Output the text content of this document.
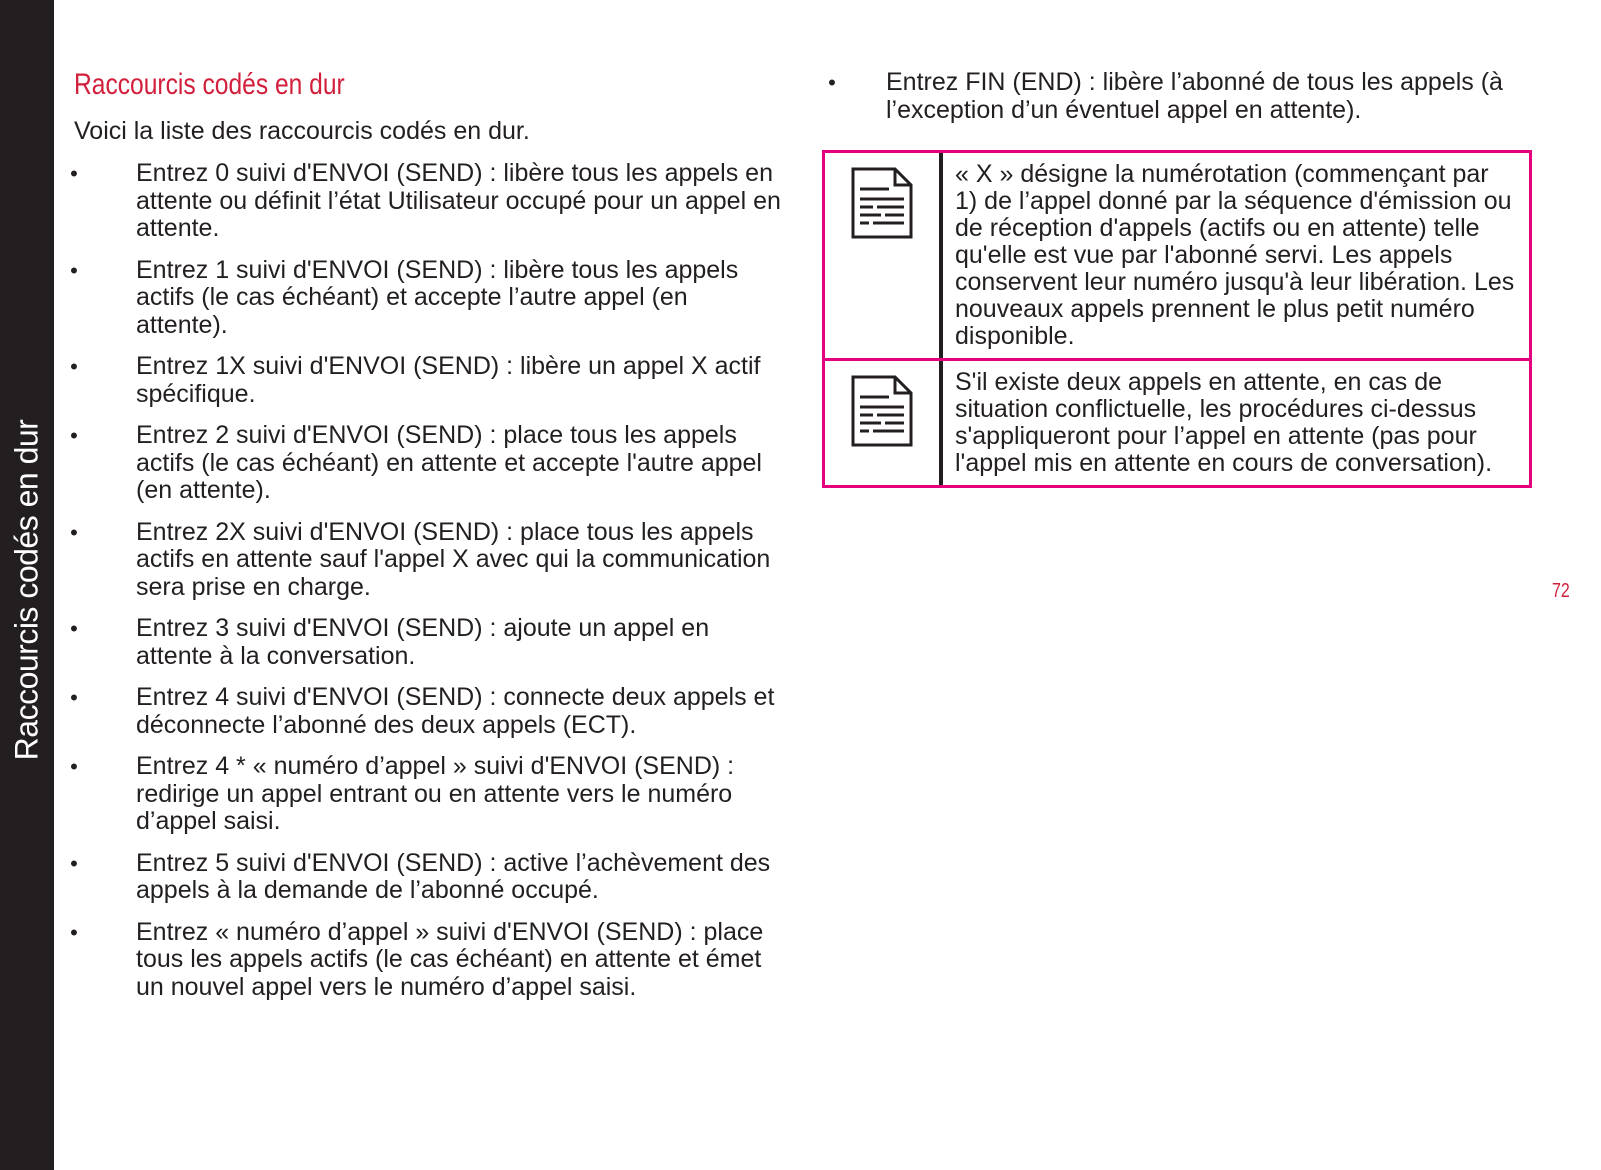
Raccourcis codés en dur
Raccourcis codés en dur
Voici la liste des raccourcis codés en dur.
• Entrez 0 suivi d'ENVOI (SEND) : libère tous les appels en attente ou définit l’état Utilisateur occupé pour un appel en attente.
• Entrez 1 suivi d'ENVOI (SEND) : libère tous les appels actifs (le cas échéant) et accepte l’autre appel (en attente).
• Entrez 1X suivi d'ENVOI (SEND) : libère un appel X actif spécifique.
• Entrez 2 suivi d'ENVOI (SEND) : place tous les appels actifs (le cas échéant) en attente et accepte l'autre appel (en attente).
• Entrez 2X suivi d'ENVOI (SEND) : place tous les appels actifs en attente sauf l'appel X avec qui la communication sera prise en charge.
• Entrez 3 suivi d'ENVOI (SEND) : ajoute un appel en attente à la conversation.
• Entrez 4 suivi d'ENVOI (SEND) : connecte deux appels et déconnecte l’abonné des deux appels (ECT).
• Entrez 4 * « numéro d’appel » suivi d'ENVOI (SEND) : redirige un appel entrant ou en attente vers le numéro d’appel saisi.
• Entrez 5 suivi d'ENVOI (SEND) : active l’achèvement des appels à la demande de l’abonné occupé.
• Entrez « numéro d’appel » suivi d'ENVOI (SEND) : place tous les appels actifs (le cas échéant) en attente et émet un nouvel appel vers le numéro d’appel saisi.
• Entrez FIN (END) : libère l’abonné de tous les appels (à l’exception d’un éventuel appel en attente).
« X » désigne la numérotation (commençant par 1) de l’appel donné par la séquence d'émission ou de réception d'appels (actifs ou en attente) telle qu'elle est vue par l'abonné servi. Les appels conservent leur numéro jusqu'à leur libération. Les nouveaux appels prennent le plus petit numéro disponible.
S'il existe deux appels en attente, en cas de situation conflictuelle, les procédures ci-dessus s'appliqueront pour l’appel en attente (pas pour l'appel mis en attente en cours de conversation).
72
